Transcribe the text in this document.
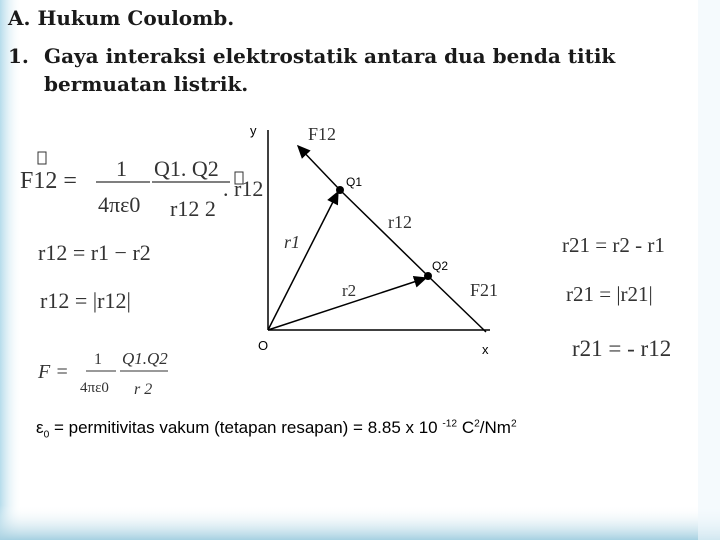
A. Hukum Coulomb.
1. Gaya interaksi elektrostatik antara dua benda titik bermuatan listrik.
F12 = 1
4πε0
Q1. Q2
r12 2
. r12
r12 = r1 − r2
r12 = |r12|
F =
1
4πε0
Q1.Q2
r 2
y
x
O
Q1
Q2
F12
r12
r1
r2	F21
r21 = r2 - r1
r21 = |r21|
r21 = - r12
$\varepsilon_0$ = permitivitas vakum (tetapan resapan) = 8.85 x 10 $^{-12}$ $C^2/Nm^2$
